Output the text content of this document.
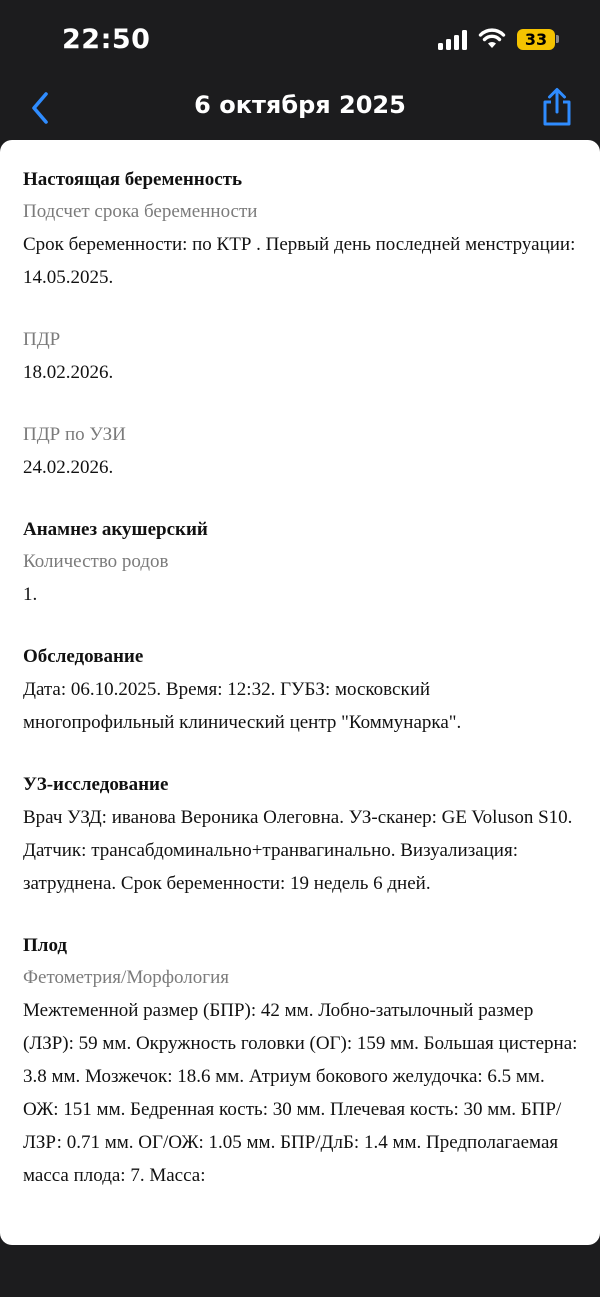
22:50	33
6 октября 2025
Настоящая беременность
Подсчет срока беременности
Срок беременности: по КТР . Первый день последней менструации: 14.05.2025.
ПДР
18.02.2026.
ПДР по УЗИ
24.02.2026.
Анамнез акушерский
Количество родов
1.
Обследование
Дата: 06.10.2025. Время: 12:32. ГУБЗ: московский многопрофильный клинический центр "Коммунарка".
УЗ-исследование
Врач УЗД: иванова Вероника Олеговна. УЗ-сканер: GE Voluson S10. Датчик: трансабдоминально+транвагинально. Визуализация: затруднена. Срок беременности: 19 недель 6 дней.
Плод
Фетометрия/Морфология
Межтеменной размер (БПР): 42 мм. Лобно-затылочный размер (ЛЗР): 59 мм. Окружность головки (ОГ): 159 мм. Большая цистерна: 3.8 мм. Мозжечок: 18.6 мм. Атриум бокового желудочка: 6.5 мм. ОЖ: 151 мм. Бедренная кость: 30 мм. Плечевая кость: 30 мм. БПР/ЛЗР: 0.71 мм. ОГ/ОЖ: 1.05 мм. БПР/ДлБ: 1.4 мм. Предполагаемая масса плода: 7. Масса:
